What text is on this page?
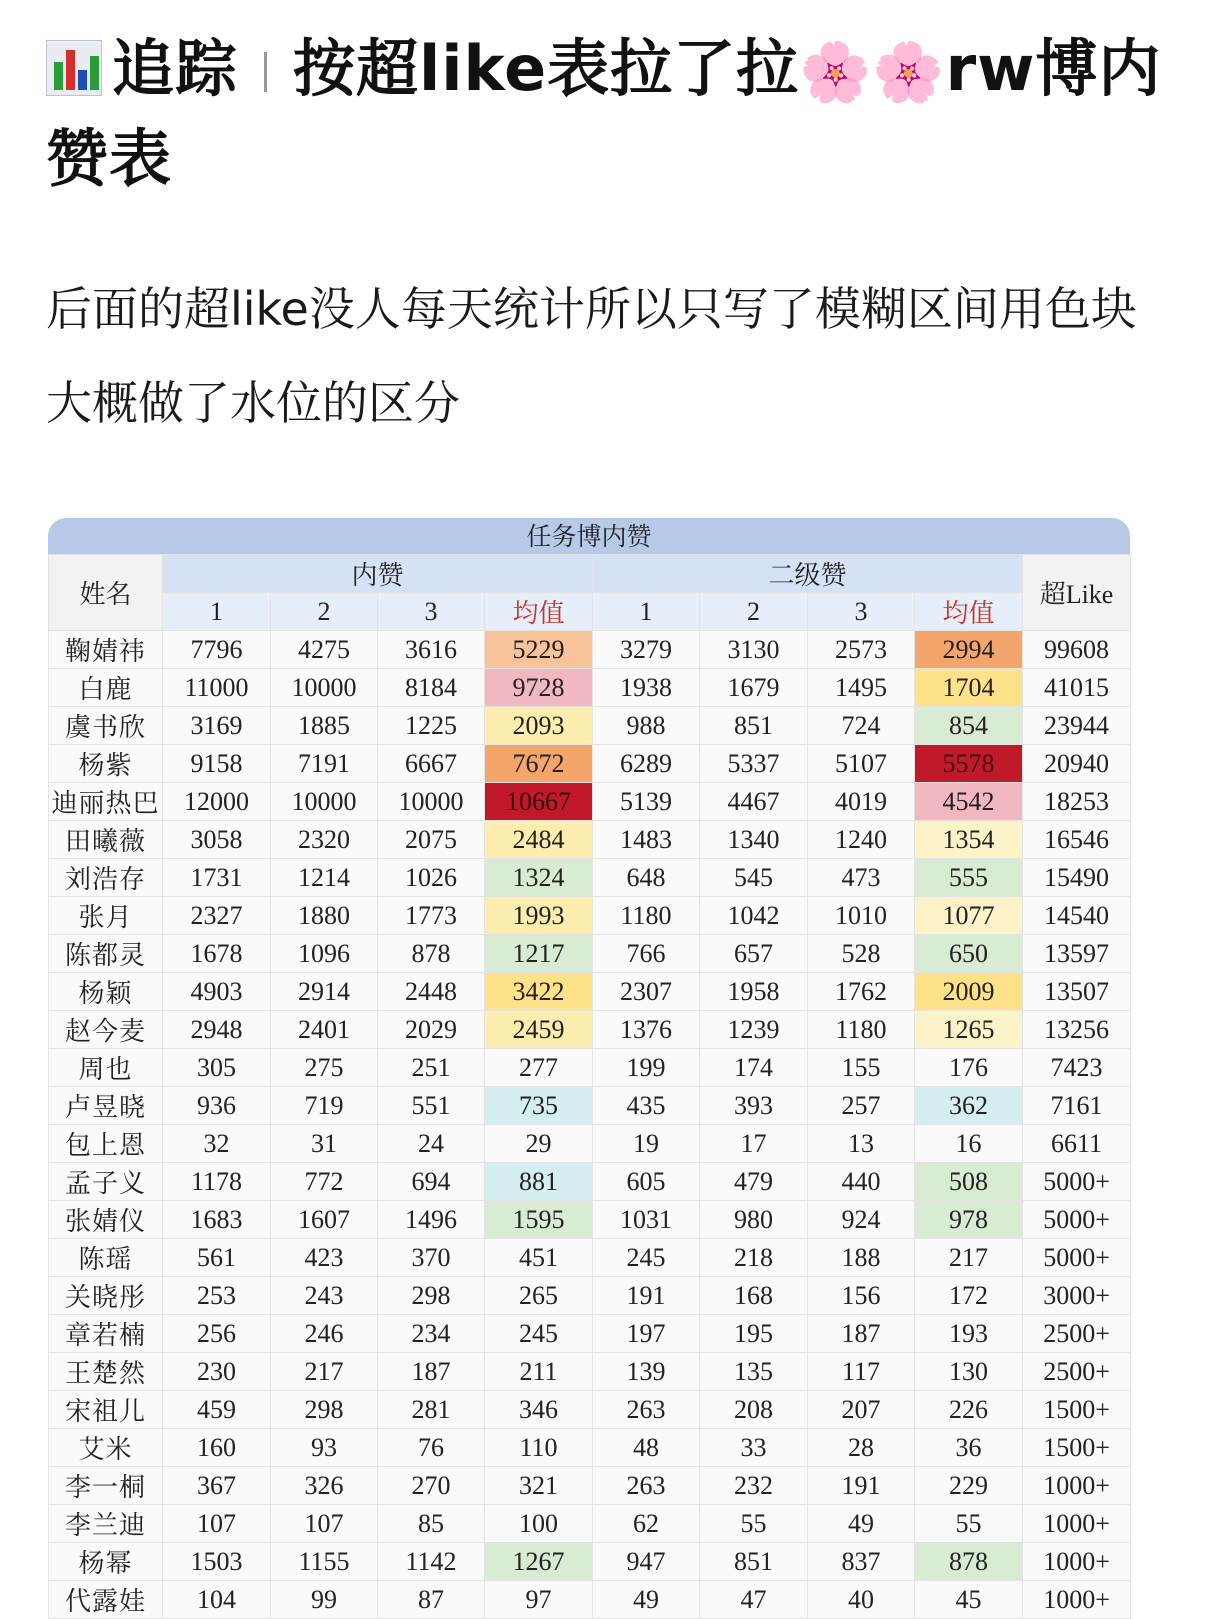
追踪 按超like表拉了拉🌸🌸rw博内赞表
后面的超like没人每天统计所以只写了模糊区间用色块大概做了水位的区分
任务博内赞
姓名	内赞				二级赞				超Like
	1	2	3	均值	1	2	3	均值	
鞠婧祎	7796	4275	3616	5229	3279	3130	2573	2994	99608
白鹿	11000	10000	8184	9728	1938	1679	1495	1704	41015
虞书欣	3169	1885	1225	2093	988	851	724	854	23944
杨紫	9158	7191	6667	7672	6289	5337	5107	5578	20940
迪丽热巴	12000	10000	10000	10667	5139	4467	4019	4542	18253
田曦薇	3058	2320	2075	2484	1483	1340	1240	1354	16546
刘浩存	1731	1214	1026	1324	648	545	473	555	15490
张月	2327	1880	1773	1993	1180	1042	1010	1077	14540
陈都灵	1678	1096	878	1217	766	657	528	650	13597
杨颖	4903	2914	2448	3422	2307	1958	1762	2009	13507
赵今麦	2948	2401	2029	2459	1376	1239	1180	1265	13256
周也	305	275	251	277	199	174	155	176	7423
卢昱晓	936	719	551	735	435	393	257	362	7161
包上恩	32	31	24	29	19	17	13	16	6611
孟子义	1178	772	694	881	605	479	440	508	5000+
张婧仪	1683	1607	1496	1595	1031	980	924	978	5000+
陈瑶	561	423	370	451	245	218	188	217	5000+
关晓彤	253	243	298	265	191	168	156	172	3000+
章若楠	256	246	234	245	197	195	187	193	2500+
王楚然	230	217	187	211	139	135	117	130	2500+
宋祖儿	459	298	281	346	263	208	207	226	1500+
艾米	160	93	76	110	48	33	28	36	1500+
李一桐	367	326	270	321	263	232	191	229	1000+
李兰迪	107	107	85	100	62	55	49	55	1000+
杨幂	1503	1155	1142	1267	947	851	837	878	1000+
代露娃	104	99	87	97	49	47	40	45	1000+
